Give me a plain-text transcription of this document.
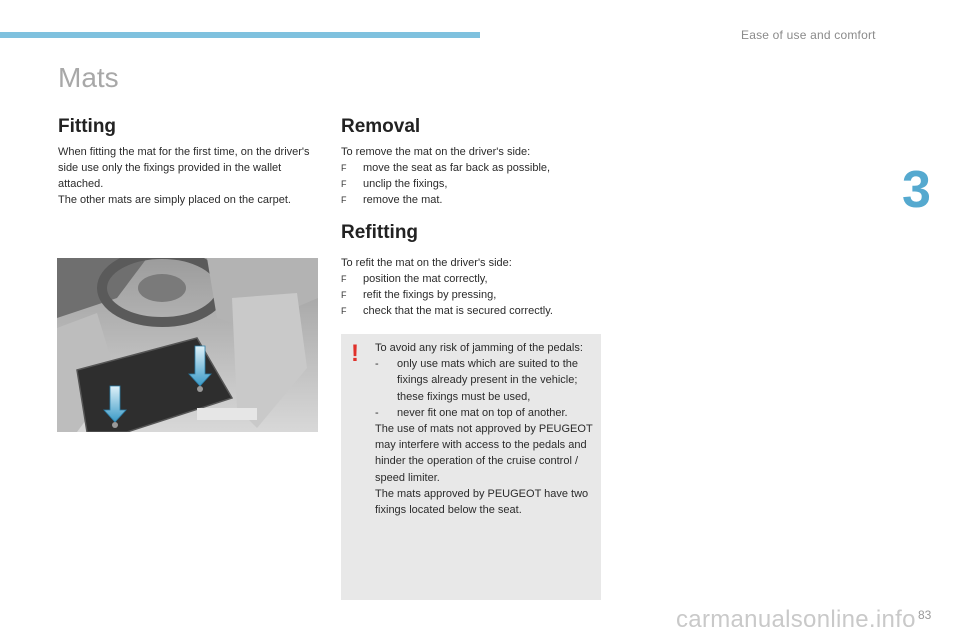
Ease of use and comfort
Mats
3
Fitting

When fitting the mat for the first time, on the driver's side use only the fixings provided in the wallet attached.

The other mats are simply placed on the carpet.

Removal

To remove the mat on the driver's side:

F	move the seat as far back as possible,
F	unclip the fixings,
F	remove the mat.
Refitting

To refit the mat on the driver's side:

F	position the mat correctly,
F	refit the fixings by pressing,
F	check that the mat is secured correctly.
! To avoid any risk of jamming of the pedals:

-	only use mats which are suited to the fixings already present in the vehicle; these fixings must be used,
-	never fit one mat on top of another.

The use of mats not approved by PEUGEOT may interfere with access to the pedals and hinder the operation of the cruise control / speed limiter.

The mats approved by PEUGEOT have two fixings located below the seat.

carmanualsonline.info 83
